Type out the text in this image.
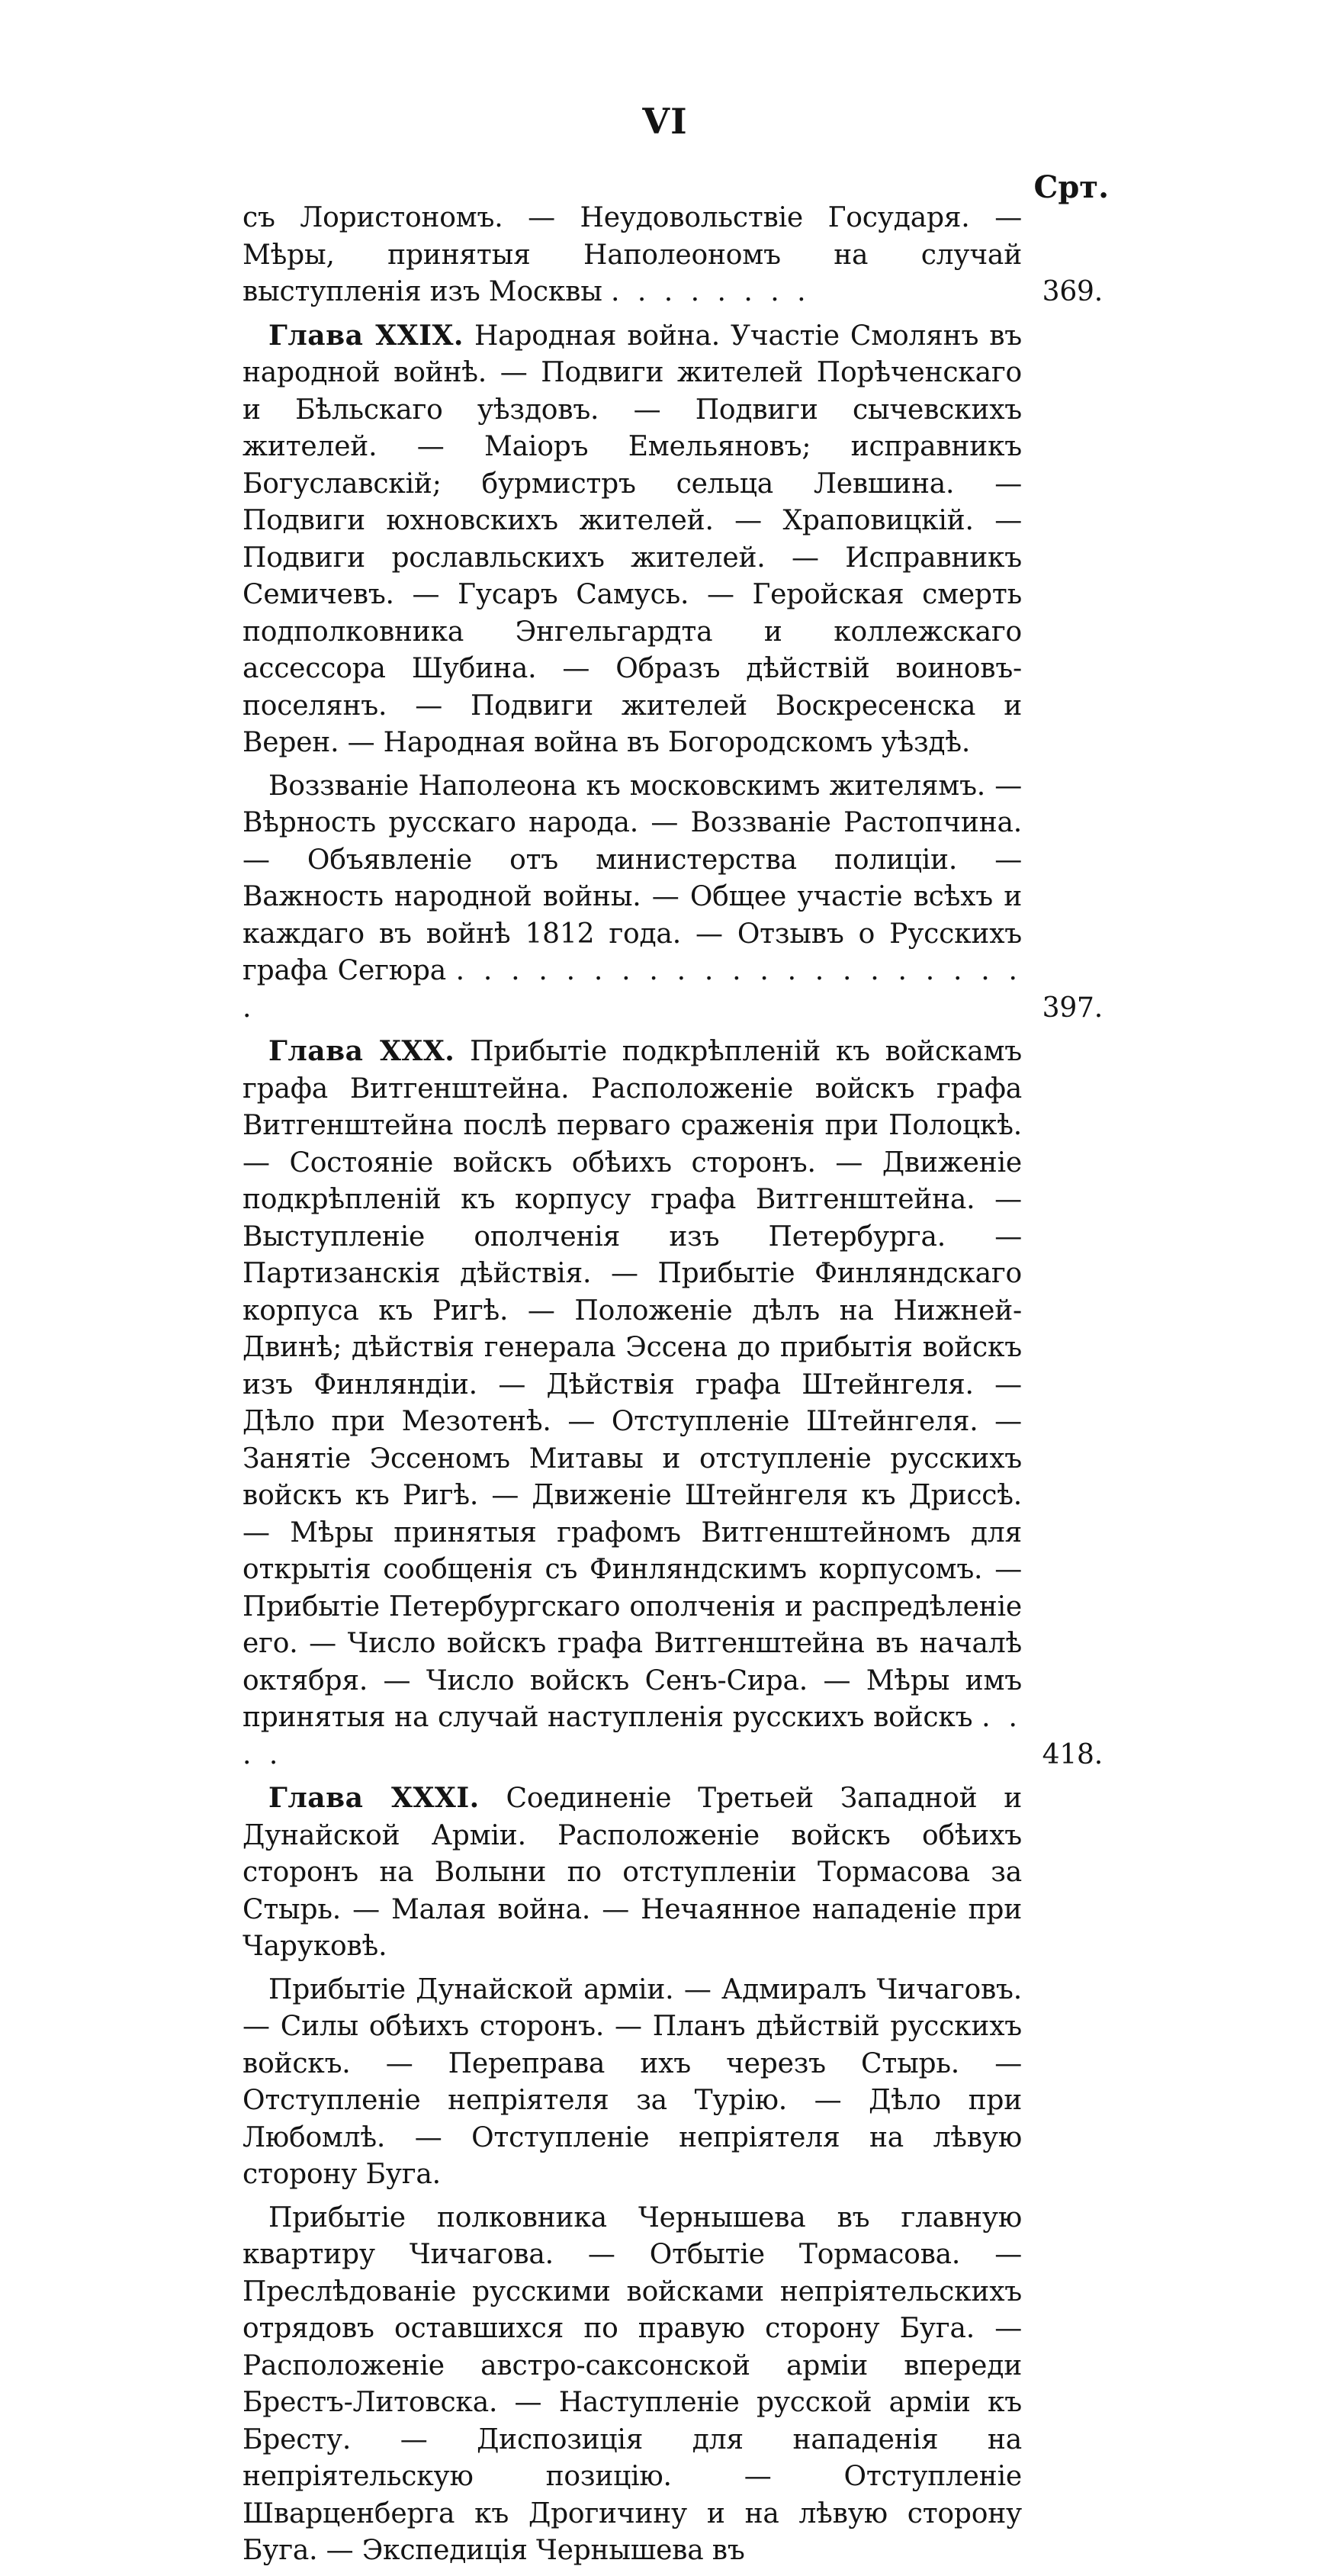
VI
Срт.

съ Лористономъ. — Неудовольствіе Государя. — Мѣры, принятыя Наполеономъ на случай выступленія изъ Москвы . . . . . . . .	369.

Глава XXIX. Народная война. Участіе Смолянъ въ народной войнѣ. — Подвиги жителей Порѣченскаго и Бѣльскаго уѣздовъ. — Подвиги сычевскихъ жителей. — Маіоръ Емельяновъ; исправникъ Богуславскій; бурмистръ сельца Левшина. — Подвиги юхновскихъ жителей. — Храповицкій. — Подвиги рославльскихъ жителей. — Исправникъ Семичевъ. — Гусаръ Самусь. — Геройская смерть подполковника Энгельгардта и коллежскаго ассессора Шубина. — Образъ дѣйствій воиновъ-поселянъ. — Подвиги жителей Воскресенска и Верен. — Народная война въ Богородскомъ уѣздѣ.

Воззваніе Наполеона къ московскимъ жителямъ. — Вѣрность русскаго народа. — Воззваніе Растопчина. — Объявленіе отъ министерства полиціи. — Важность народной войны. — Общее участіе всѣхъ и каждаго въ войнѣ 1812 года. — Отзывъ о Русскихъ графа Сегюра . . . . . . . . . . . . . . . . . . . . . .	397.

Глава XXX. Прибытіе подкрѣпленій къ войскамъ графа Витгенштейна. Расположеніе войскъ графа Витгенштейна послѣ перваго сраженія при Полоцкѣ. — Состояніе войскъ обѣихъ сторонъ. — Движеніе подкрѣпленій къ корпусу графа Витгенштейна. — Выступленіе ополченія изъ Петербурга. — Партизанскія дѣйствія. — Прибытіе Финляндскаго корпуса къ Ригѣ. — Положеніе дѣлъ на Нижней-Двинѣ; дѣйствія генерала Эссена до прибытія войскъ изъ Финляндіи. — Дѣйствія графа Штейнгеля. — Дѣло при Мезотенѣ. — Отступленіе Штейнгеля. — Занятіе Эссеномъ Митавы и отступленіе русскихъ войскъ къ Ригѣ. — Движеніе Штейнгеля къ Дриссѣ. — Мѣры принятыя графомъ Витгенштейномъ для открытія сообщенія съ Финляндскимъ корпусомъ. — Прибытіе Петербургскаго ополченія и распредѣленіе его. — Число войскъ графа Витгенштейна въ началѣ октября. — Число войскъ Сенъ-Сира. — Мѣры имъ принятыя на случай наступленія русскихъ войскъ . . . .	418.

Глава XXXI. Соединеніе Третьей Западной и Дунайской Арміи. Расположеніе войскъ обѣихъ сторонъ на Волыни по отступленіи Тормасова за Стырь. — Малая война. — Нечаянное нападеніе при Чаруковѣ.

Прибытіе Дунайской арміи. — Адмиралъ Чичаговъ. — Силы обѣихъ сторонъ. — Планъ дѣйствій русскихъ войскъ. — Переправа ихъ черезъ Стырь. — Отступленіе непріятеля за Турію. — Дѣло при Любомлѣ. — Отступленіе непріятеля на лѣвую сторону Буга.

Прибытіе полковника Чернышева въ главную квартиру Чичагова. — Отбытіе Тормасова. — Преслѣдованіе русскими войсками непріятельскихъ отрядовъ оставшихся по правую сторону Буга. — Расположеніе австро-саксонской арміи впереди Брестъ-Литовска. — Наступленіе русской арміи къ Бресту. — Диспозиція для нападенія на непріятельскую позицію. — Отступленіе Шварценберга къ Дрогичину и на лѣвую сторону Буга. — Экспедиція Чернышева въ
